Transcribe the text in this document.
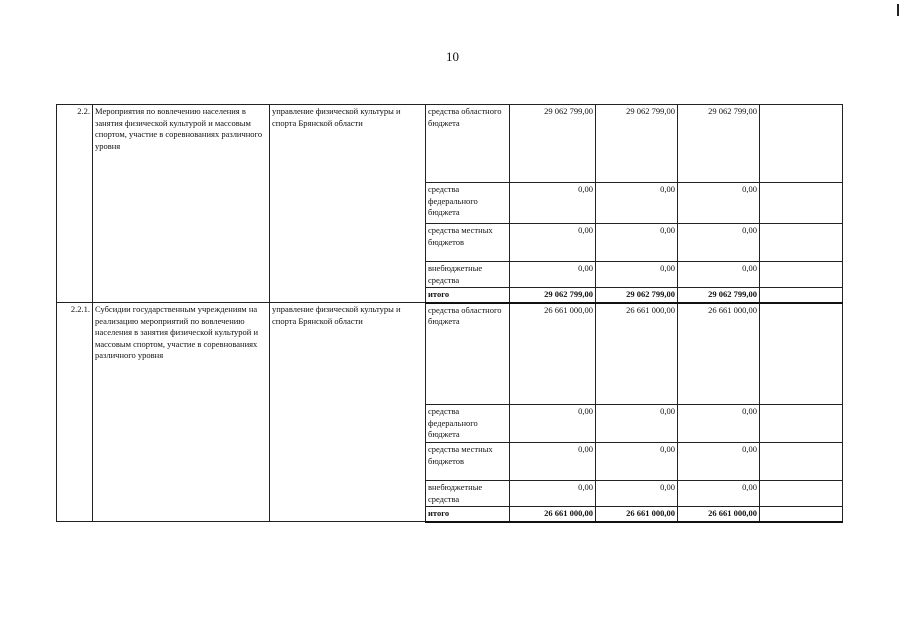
10
2.2.	Мероприятия по вовлечению населения в занятия физической культурой и массовым спортом, участие в соревнованиях различного уровня	управление физической культуры и спорта Брянской области	средства областного бюджета	29 062 799,00	29 062 799,00	29 062 799,00	
			средства федерального бюджета	0,00	0,00	0,00	
			средства местных бюджетов	0,00	0,00	0,00	
			внебюджетные средства	0,00	0,00	0,00	
			итого	29 062 799,00	29 062 799,00	29 062 799,00	
2.2.1.	Субсидии государственным учреждениям на реализацию мероприятий по вовлечению населения в занятия физической культурой и массовым спортом, участие в соревнованиях различного уровня	управление физической культуры и спорта Брянской области	средства областного бюджета	26 661 000,00	26 661 000,00	26 661 000,00	
			средства федерального бюджета	0,00	0,00	0,00	
			средства местных бюджетов	0,00	0,00	0,00	
			внебюджетные средства	0,00	0,00	0,00	
			итого	26 661 000,00	26 661 000,00	26 661 000,00	
